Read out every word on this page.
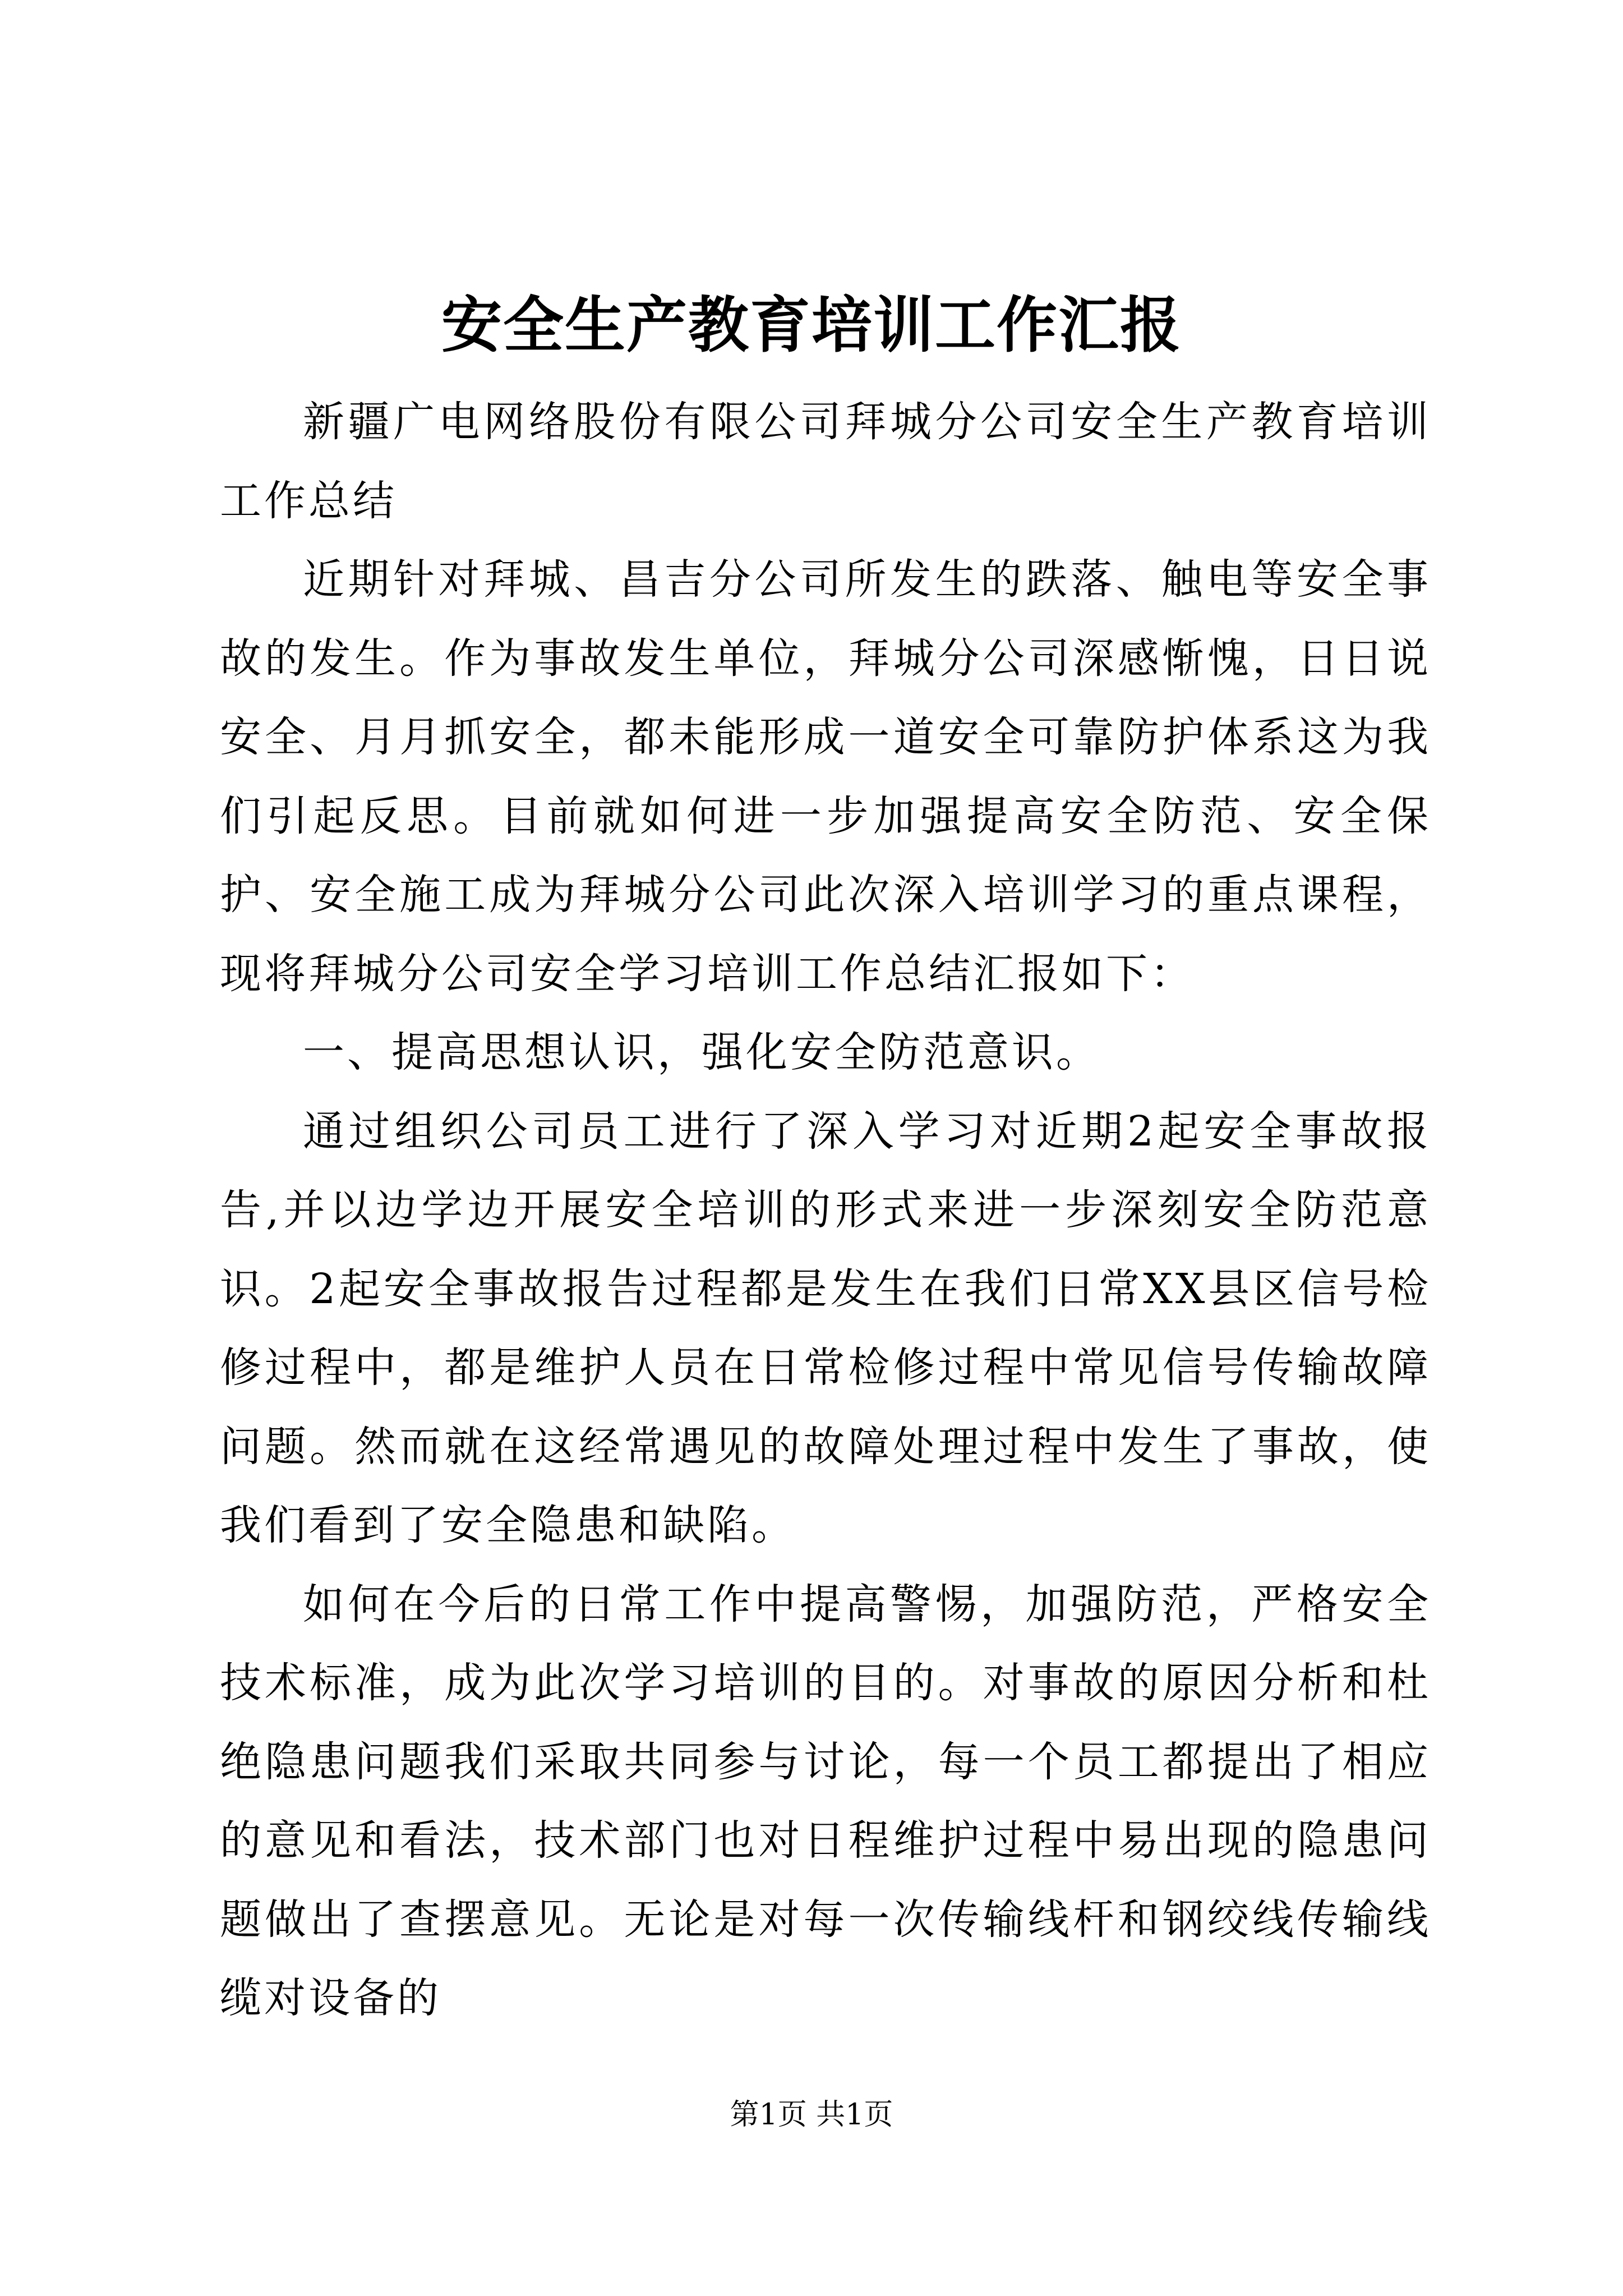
安全生产教育培训工作汇报

新疆广电网络股份有限公司拜城分公司安全生产教育培训工作总结

近期针对拜城、昌吉分公司所发生的跌落、触电等安全事故的发生。作为事故发生单位，拜城分公司深感惭愧，日日说安全、月月抓安全，都未能形成一道安全可靠防护体系这为我们引起反思。目前就如何进一步加强提高安全防范、安全保护、安全施工成为拜城分公司此次深入培训学习的重点课程，现将拜城分公司安全学习培训工作总结汇报如下：

一、提高思想认识，强化安全防范意识。

通过组织公司员工进行了深入学习对近期2起安全事故报告,并以边学边开展安全培训的形式来进一步深刻安全防范意识。2起安全事故报告过程都是发生在我们日常XX县区信号检修过程中，都是维护人员在日常检修过程中常见信号传输故障问题。然而就在这经常遇见的故障处理过程中发生了事故，使我们看到了安全隐患和缺陷。

如何在今后的日常工作中提高警惕，加强防范，严格安全技术标准，成为此次学习培训的目的。对事故的原因分析和杜绝隐患问题我们采取共同参与讨论，每一个员工都提出了相应的意见和看法，技术部门也对日程维护过程中易出现的隐患问题做出了查摆意见。无论是对每一次传输线杆和钢绞线传输线缆对设备的

第1页 共1页
